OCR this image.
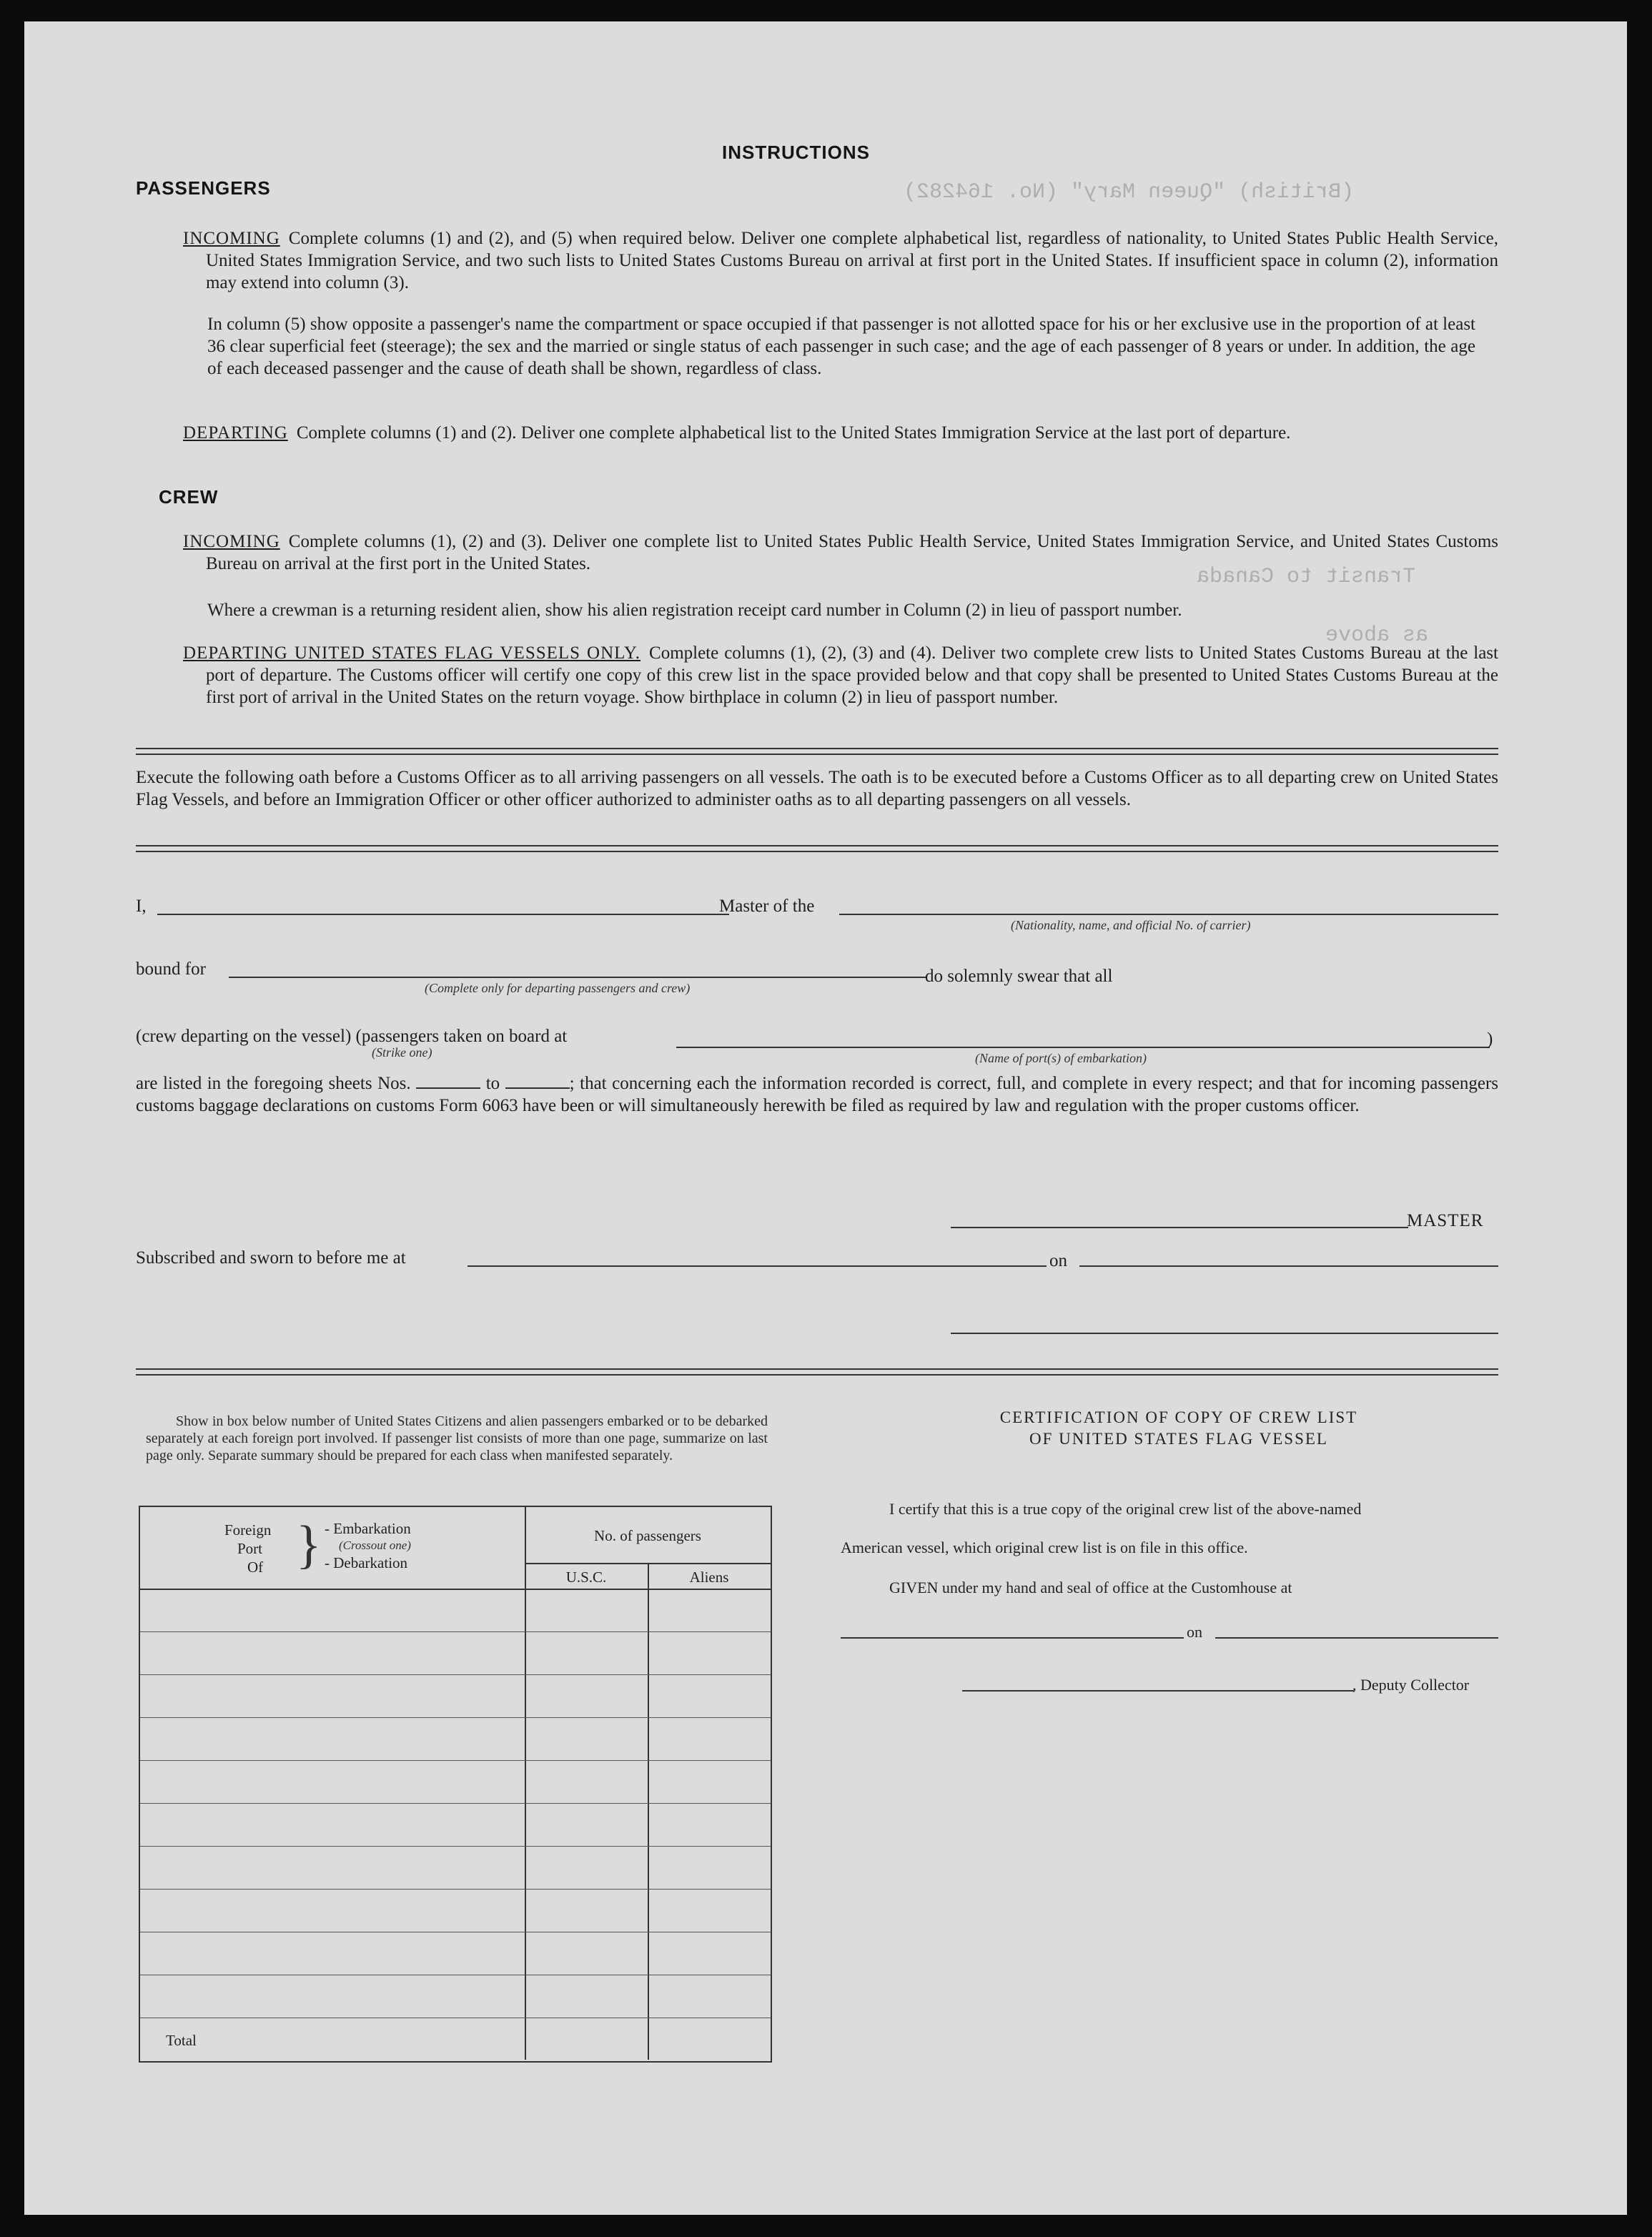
(British) "Queen Mary" (No. 164282)
Transit to Canada
as above
INSTRUCTIONS
PASSENGERS
INCOMING Complete columns (1) and (2), and (5) when required below. Deliver one complete alphabetical list, regardless of nationality, to United States Public Health Service, United States Immigration Service, and two such lists to United States Customs Bureau on arrival at first port in the United States. If insufficient space in column (2), information may extend into column (3).
In column (5) show opposite a passenger's name the compartment or space occupied if that passenger is not allotted space for his or her exclusive use in the proportion of at least 36 clear superficial feet (steerage); the sex and the married or single status of each passenger in such case; and the age of each passenger of 8 years or under. In addition, the age of each deceased passenger and the cause of death shall be shown, regardless of class.
DEPARTING Complete columns (1) and (2). Deliver one complete alphabetical list to the United States Immigration Service at the last port of departure.
CREW
INCOMING Complete columns (1), (2) and (3). Deliver one complete list to United States Public Health Service, United States Immigration Service, and United States Customs Bureau on arrival at the first port in the United States.
Where a crewman is a returning resident alien, show his alien registration receipt card number in Column (2) in lieu of passport number.
DEPARTING UNITED STATES FLAG VESSELS ONLY. Complete columns (1), (2), (3) and (4). Deliver two complete crew lists to United States Customs Bureau at the last port of departure. The Customs officer will certify one copy of this crew list in the space provided below and that copy shall be presented to United States Customs Bureau at the first port of arrival in the United States on the return voyage. Show birthplace in column (2) in lieu of passport number.
Execute the following oath before a Customs Officer as to all arriving passengers on all vessels. The oath is to be executed before a Customs Officer as to all departing crew on United States Flag Vessels, and before an Immigration Officer or other officer authorized to administer oaths as to all departing passengers on all vessels.
I,	Master of the
(Nationality, name, and official No. of carrier)
bound for
(Complete only for departing passengers and crew)
do solemnly swear that all
(crew departing on the vessel) (passengers taken on board at
(Strike one)	(Name of port(s) of embarkation)
)
are listed in the foregoing sheets Nos.	to	; that concerning each the information recorded is correct, full, and complete in every respect; and that for incoming passengers customs baggage declarations on customs Form 6063 have been or will simultaneously herewith be filed as required by law and regulation with the proper customs officer.
MASTER
Subscribed and sworn to before me at	on
Show in box below number of United States Citizens and alien passengers embarked or to be debarked separately at each foreign port involved. If passenger list consists of more than one page, summarize on last page only. Separate summary should be prepared for each class when manifested separately.
Foreign
Port
Of } - Embarkation
(Crossout one)
- Debarkation
No. of passengers
U.S.C.	Aliens
Total
CERTIFICATION OF COPY OF CREW LIST
OF UNITED STATES FLAG VESSEL
I certify that this is a true copy of the original crew list of the above-named
American vessel, which original crew list is on file in this office.
GIVEN under my hand and seal of office at the Customhouse at
on
, Deputy Collector
